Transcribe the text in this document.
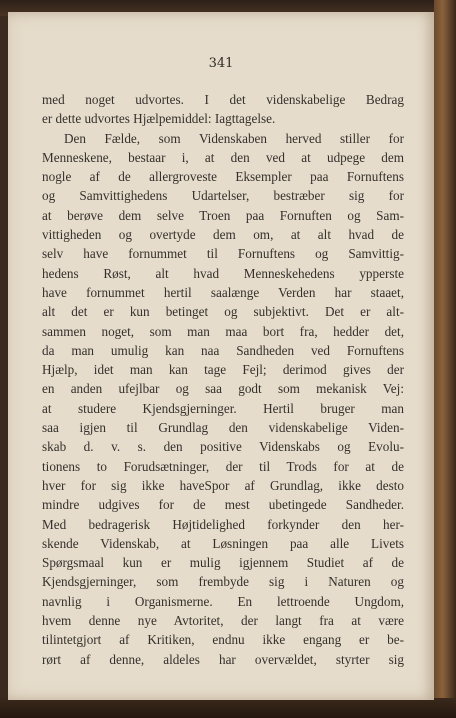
341
med noget udvortes. I det videnskabelige Bedrag
er dette udvortes Hjælpemiddel: Iagttagelse.
Den Fælde, som Videnskaben herved stiller for
Menneskene, bestaar i, at den ved at udpege dem
nogle af de allergroveste Eksempler paa Fornuftens
og Samvittighedens Udartelser, bestræber sig for
at berøve dem selve Troen paa Fornuften og Sam-
vittigheden og overtyde dem om, at alt hvad de
selv have fornummet til Fornuftens og Samvittig-
hedens Røst, alt hvad Menneskehedens ypperste
have fornummet hertil saalænge Verden har staaet,
alt det er kun betinget og subjektivt. Det er alt-
sammen noget, som man maa bort fra, hedder det,
da man umulig kan naa Sandheden ved Fornuftens
Hjælp, idet man kan tage Fejl; derimod gives der
en anden ufejlbar og saa godt som mekanisk Vej:
at studere Kjendsgjerninger. Hertil bruger man
saa igjen til Grundlag den videnskabelige Viden-
skab d. v. s. den positive Videnskabs og Evolu-
tionens to Forudsætninger, der til Trods for at de
hver for sig ikke haveSpor af Grundlag, ikke desto
mindre udgives for de mest ubetingede Sandheder.
Med bedragerisk Højtidelighed forkynder den her-
skende Videnskab, at Løsningen paa alle Livets
Spørgsmaal kun er mulig igjennem Studiet af de
Kjendsgjerninger, som frembyde sig i Naturen og
navnlig i Organismerne. En lettroende Ungdom,
hvem denne nye Avtoritet, der langt fra at være
tilintetgjort af Kritiken, endnu ikke engang er be-
rørt af denne, aldeles har overvældet, styrter sig
